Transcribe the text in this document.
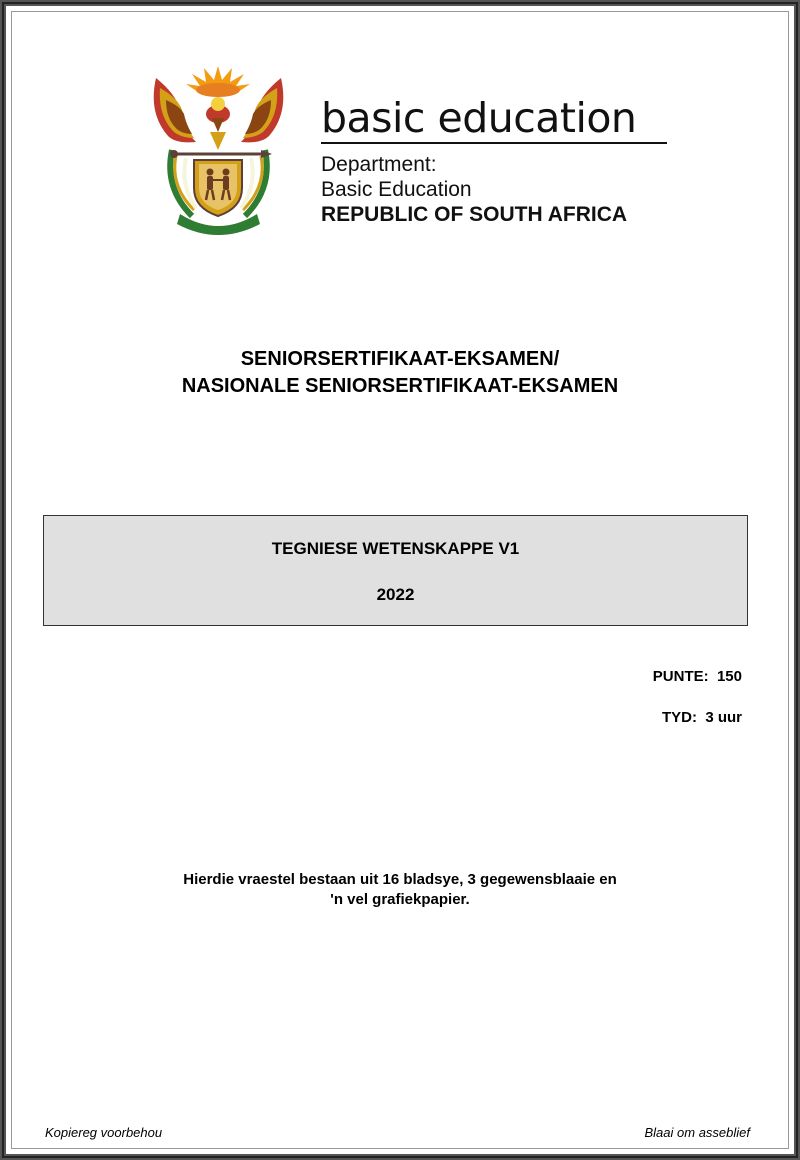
basic education
Department:
Basic Education
REPUBLIC OF SOUTH AFRICA
SENIORSERTIFIKAAT-EKSAMEN/
NASIONALE SENIORSERTIFIKAAT-EKSAMEN
TEGNIESE WETENSKAPPE V1
2022
PUNTE:  150
TYD:  3 uur
Hierdie vraestel bestaan uit 16 bladsye, 3 gegewensblaaie en
'n vel grafiekpapier.
Kopiereg voorbehou	Blaai om asseblief
